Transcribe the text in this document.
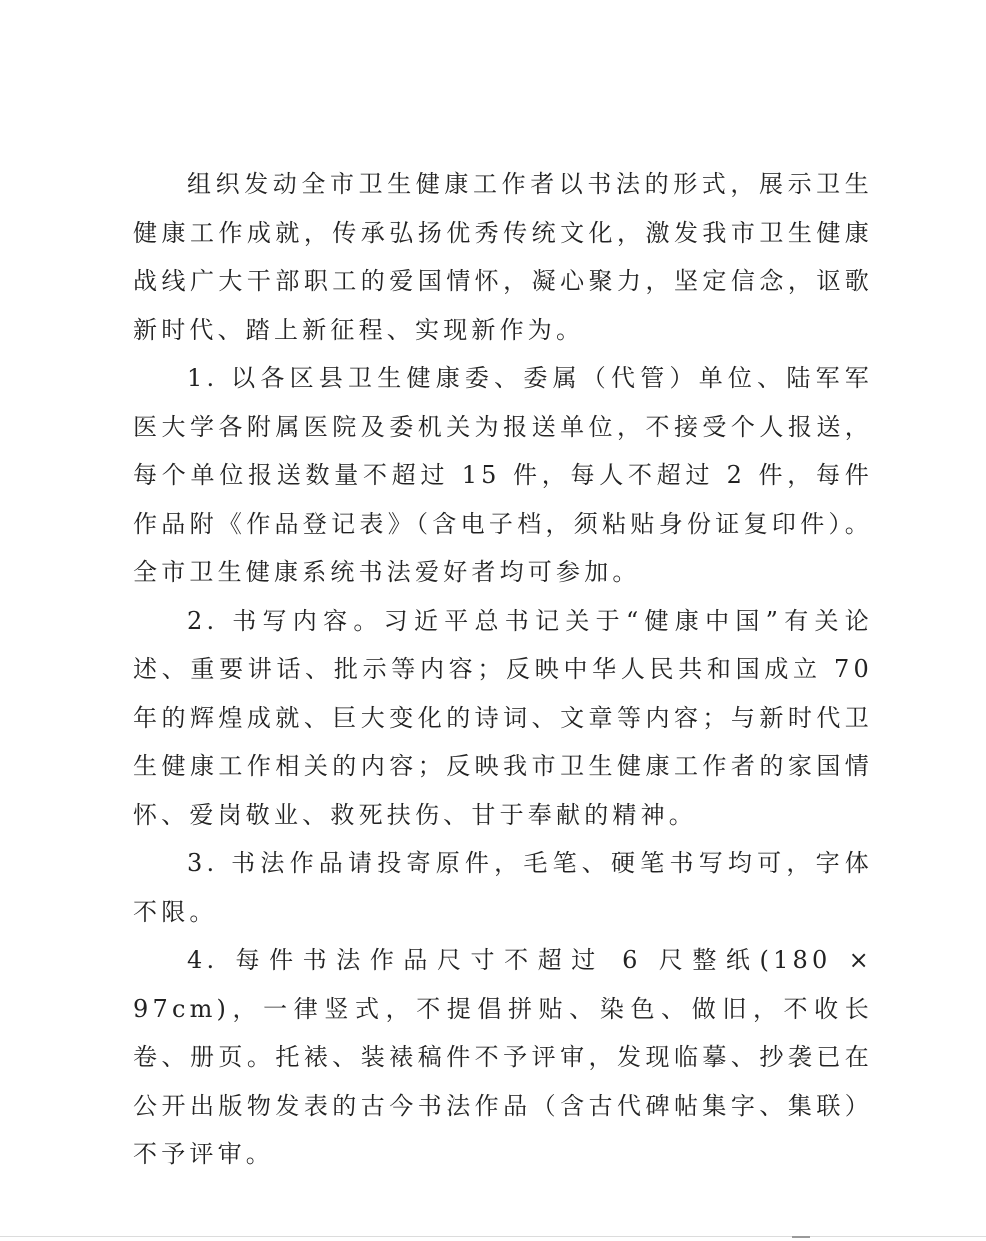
组织发动全市卫生健康工作者以书法的形式，展示卫生健康工作成就，传承弘扬优秀传统文化，激发我市卫生健康战线广大干部职工的爱国情怀，凝心聚力，坚定信念，讴歌新时代、踏上新征程、实现新作为。

1. 以各区县卫生健康委、委属（代管）单位、陆军军医大学各附属医院及委机关为报送单位，不接受个人报送，每个单位报送数量不超过 15 件，每人不超过 2 件，每件作品附《作品登记表》（含电子档，须粘贴身份证复印件）。全市卫生健康系统书法爱好者均可参加。

2. 书写内容。习近平总书记关于“健康中国”有关论述、重要讲话、批示等内容；反映中华人民共和国成立 70 年的辉煌成就、巨大变化的诗词、文章等内容；与新时代卫生健康工作相关的内容；反映我市卫生健康工作者的家国情怀、爱岗敬业、救死扶伤、甘于奉献的精神。

3. 书法作品请投寄原件，毛笔、硬笔书写均可，字体不限。

4. 每件书法作品尺寸不超过 6 尺整纸(180 × 97cm)，一律竖式，不提倡拼贴、染色、做旧，不收长卷、册页。托裱、装裱稿件不予评审，发现临摹、抄袭已在公开出版物发表的古今书法作品（含古代碑帖集字、集联）不予评审。
